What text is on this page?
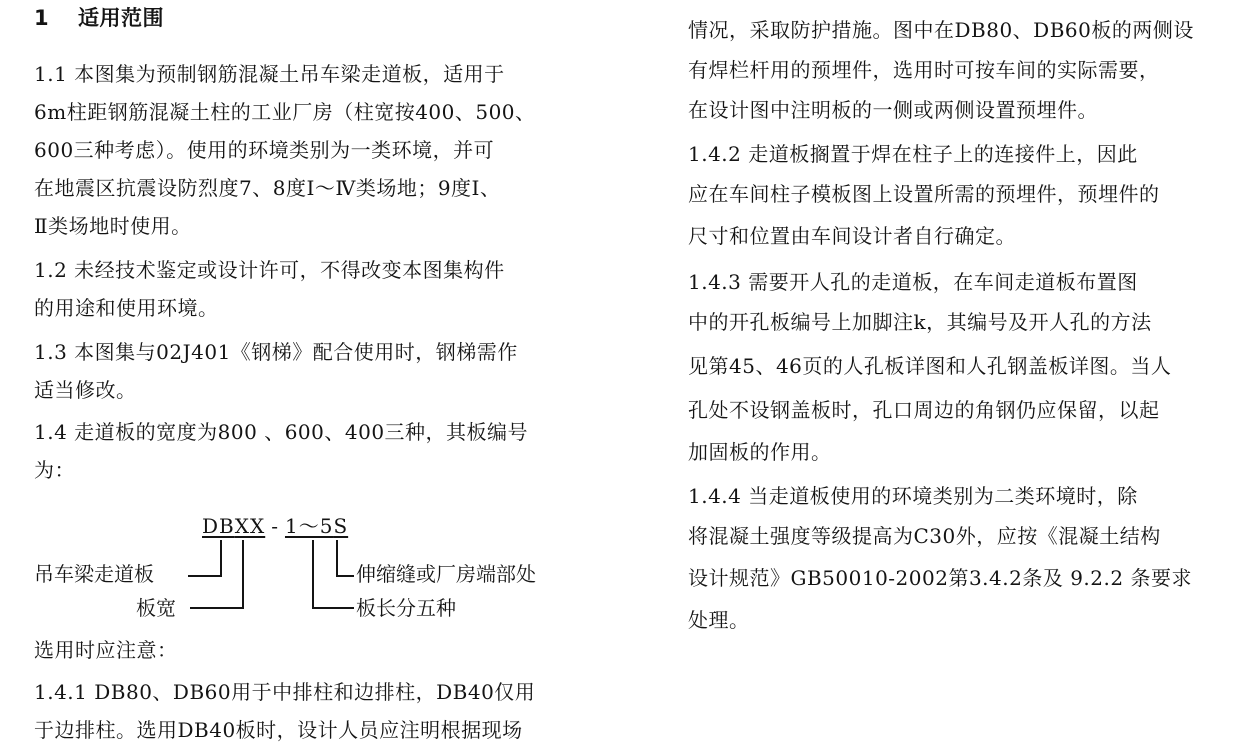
1 适用范围
1.1 本图集为预制钢筋混凝土吊车梁走道板，适用于
6m柱距钢筋混凝土柱的工业厂房（柱宽按400、500、
600三种考虑）。使用的环境类别为一类环境，并可
在地震区抗震设防烈度7、8度Ⅰ～Ⅳ类场地；9度Ⅰ、
Ⅱ类场地时使用。
1.2 未经技术鉴定或设计许可，不得改变本图集构件
的用途和使用环境。
1.3 本图集与02J401《钢梯》配合使用时，钢梯需作
适当修改。
1.4 走道板的宽度为800 、600、400三种，其板编号
为：
DBXX - 1～5S
吊车梁走道板
板宽
伸缩缝或厂房端部处
板长分五种
选用时应注意：
1.4.1 DB80、DB60用于中排柱和边排柱，DB40仅用
于边排柱。选用DB40板时，设计人员应注明根据现场
情况，采取防护措施。图中在DB80、DB60板的两侧设
有焊栏杆用的预埋件，选用时可按车间的实际需要，
在设计图中注明板的一侧或两侧设置预埋件。
1.4.2 走道板搁置于焊在柱子上的连接件上，因此
应在车间柱子模板图上设置所需的预埋件，预埋件的
尺寸和位置由车间设计者自行确定。
1.4.3 需要开人孔的走道板，在车间走道板布置图
中的开孔板编号上加脚注k，其编号及开人孔的方法
见第45、46页的人孔板详图和人孔钢盖板详图。当人
孔处不设钢盖板时，孔口周边的角钢仍应保留，以起
加固板的作用。
1.4.4 当走道板使用的环境类别为二类环境时，除
将混凝土强度等级提高为C30外，应按《混凝土结构
设计规范》GB50010-2002第3.4.2条及 9.2.2 条要求
处理。
